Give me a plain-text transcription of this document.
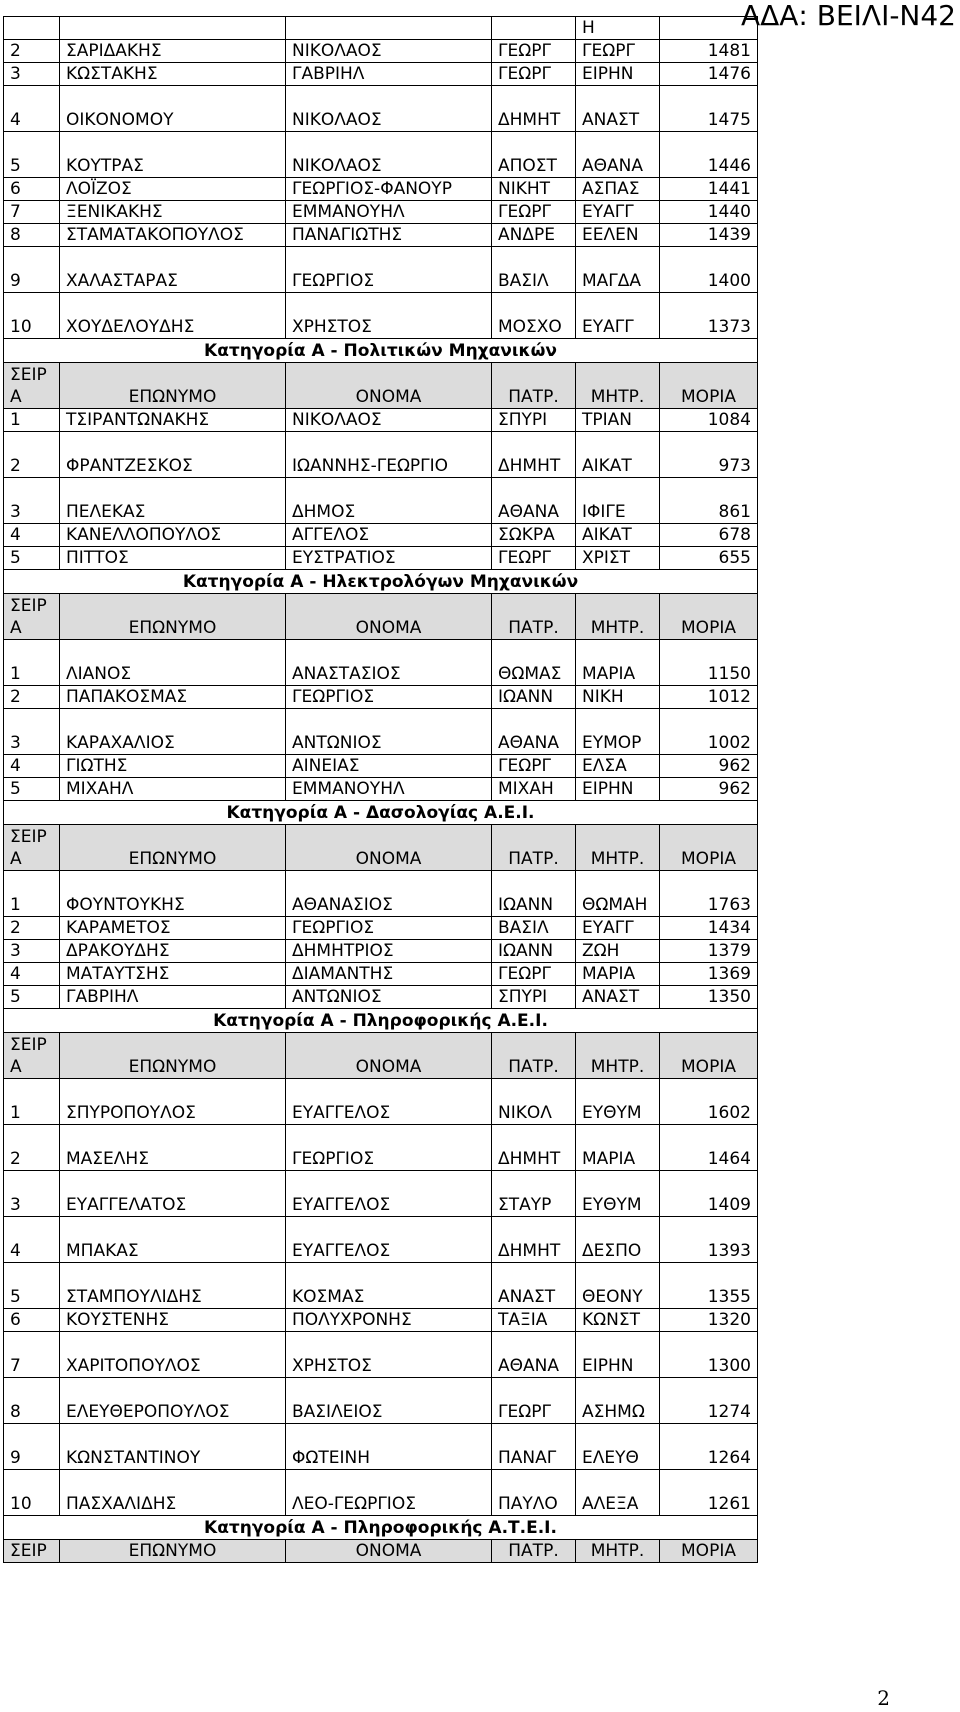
ΑΔΑ: ΒΕΙΛΙ-Ν42
				Η	
2	ΣΑΡΙΔΑΚΗΣ	ΝΙΚΟΛΑΟΣ	ΓΕΩΡΓ	ΓΕΩΡΓ	1481
3	ΚΩΣΤΑΚΗΣ	ΓΑΒΡΙΗΛ	ΓΕΩΡΓ	ΕΙΡΗΝ	1476
4	ΟΙΚΟΝΟΜΟΥ	ΝΙΚΟΛΑΟΣ	ΔΗΜΗΤ	ΑΝΑΣΤ	1475
5	ΚΟΥΤΡΑΣ	ΝΙΚΟΛΑΟΣ	ΑΠΟΣΤ	ΑΘΑΝΑ	1446
6	ΛΟΪΖΟΣ	ΓΕΩΡΓΙΟΣ-ΦΑΝΟΥΡ	ΝΙΚΗΤ	ΑΣΠΑΣ	1441
7	ΞΕΝΙΚΑΚΗΣ	ΕΜΜΑΝΟΥΗΛ	ΓΕΩΡΓ	ΕΥΑΓΓ	1440
8	ΣΤΑΜΑΤΑΚΟΠΟΥΛΟΣ	ΠΑΝΑΓΙΩΤΗΣ	ΑΝΔΡΕ	ΕΕΛΕΝ	1439
9	ΧΑΛΑΣΤΑΡΑΣ	ΓΕΩΡΓΙΟΣ	ΒΑΣΙΛ	ΜΑΓΔΑ	1400
10	ΧΟΥΔΕΛΟΥΔΗΣ	ΧΡΗΣΤΟΣ	ΜΟΣΧΟ	ΕΥΑΓΓ	1373
Κατηγορία Α - Πολιτικών Μηχανικών					
ΣΕΙΡΑ	ΕΠΩΝΥΜΟ	ΟΝΟΜΑ	ΠΑΤΡ.	ΜΗΤΡ.	ΜΟΡΙΑ
1	ΤΣΙΡΑΝΤΩΝΑΚΗΣ	ΝΙΚΟΛΑΟΣ	ΣΠΥΡΙ	ΤΡΙΑΝ	1084
2	ΦΡΑΝΤΖΕΣΚΟΣ	ΙΩΑΝΝΗΣ-ΓΕΩΡΓΙΟ	ΔΗΜΗΤ	ΑΙΚΑΤ	973
3	ΠΕΛΕΚΑΣ	ΔΗΜΟΣ	ΑΘΑΝΑ	ΙΦΙΓΕ	861
4	ΚΑΝΕΛΛΟΠΟΥΛΟΣ	ΑΓΓΕΛΟΣ	ΣΩΚΡΑ	ΑΙΚΑΤ	678
5	ΠΙΤΤΟΣ	ΕΥΣΤΡΑΤΙΟΣ	ΓΕΩΡΓ	ΧΡΙΣΤ	655
Κατηγορία Α - Ηλεκτρολόγων Μηχανικών					
ΣΕΙΡΑ	ΕΠΩΝΥΜΟ	ΟΝΟΜΑ	ΠΑΤΡ.	ΜΗΤΡ.	ΜΟΡΙΑ
1	ΛΙΑΝΟΣ	ΑΝΑΣΤΑΣΙΟΣ	ΘΩΜΑΣ	ΜΑΡΙΑ	1150
2	ΠΑΠΑΚΟΣΜΑΣ	ΓΕΩΡΓΙΟΣ	ΙΩΑΝΝ	ΝΙΚΗ	1012
3	ΚΑΡΑΧΑΛΙΟΣ	ΑΝΤΩΝΙΟΣ	ΑΘΑΝΑ	ΕΥΜΟΡ	1002
4	ΓΙΩΤΗΣ	ΑΙΝΕΙΑΣ	ΓΕΩΡΓ	ΕΛΣΑ	962
5	ΜΙΧΑΗΛ	ΕΜΜΑΝΟΥΗΛ	ΜΙΧΑΗ	ΕΙΡΗΝ	962
Κατηγορία Α - Δασολογίας Α.Ε.Ι.					
ΣΕΙΡΑ	ΕΠΩΝΥΜΟ	ΟΝΟΜΑ	ΠΑΤΡ.	ΜΗΤΡ.	ΜΟΡΙΑ
1	ΦΟΥΝΤΟΥΚΗΣ	ΑΘΑΝΑΣΙΟΣ	ΙΩΑΝΝ	ΘΩΜΑΗ	1763
2	ΚΑΡΑΜΕΤΟΣ	ΓΕΩΡΓΙΟΣ	ΒΑΣΙΛ	ΕΥΑΓΓ	1434
3	ΔΡΑΚΟΥΔΗΣ	ΔΗΜΗΤΡΙΟΣ	ΙΩΑΝΝ	ΖΩΗ	1379
4	ΜΑΤΑΥΤΣΗΣ	ΔΙΑΜΑΝΤΗΣ	ΓΕΩΡΓ	ΜΑΡΙΑ	1369
5	ΓΑΒΡΙΗΛ	ΑΝΤΩΝΙΟΣ	ΣΠΥΡΙ	ΑΝΑΣΤ	1350
Κατηγορία Α - Πληροφορικής Α.Ε.Ι.					
ΣΕΙΡΑ	ΕΠΩΝΥΜΟ	ΟΝΟΜΑ	ΠΑΤΡ.	ΜΗΤΡ.	ΜΟΡΙΑ
1	ΣΠΥΡΟΠΟΥΛΟΣ	ΕΥΑΓΓΕΛΟΣ	ΝΙΚΟΛ	ΕΥΘΥΜ	1602
2	ΜΑΣΕΛΗΣ	ΓΕΩΡΓΙΟΣ	ΔΗΜΗΤ	ΜΑΡΙΑ	1464
3	ΕΥΑΓΓΕΛΑΤΟΣ	ΕΥΑΓΓΕΛΟΣ	ΣΤΑΥΡ	ΕΥΘΥΜ	1409
4	ΜΠΑΚΑΣ	ΕΥΑΓΓΕΛΟΣ	ΔΗΜΗΤ	ΔΕΣΠΟ	1393
5	ΣΤΑΜΠΟΥΛΙΔΗΣ	ΚΟΣΜΑΣ	ΑΝΑΣΤ	ΘΕΟΝΥ	1355
6	ΚΟΥΣΤΕΝΗΣ	ΠΟΛΥΧΡΟΝΗΣ	ΤΑΞΙΑ	ΚΩΝΣΤ	1320
7	ΧΑΡΙΤΟΠΟΥΛΟΣ	ΧΡΗΣΤΟΣ	ΑΘΑΝΑ	ΕΙΡΗΝ	1300
8	ΕΛΕΥΘΕΡΟΠΟΥΛΟΣ	ΒΑΣΙΛΕΙΟΣ	ΓΕΩΡΓ	ΑΣΗΜΩ	1274
9	ΚΩΝΣΤΑΝΤΙΝΟΥ	ΦΩΤΕΙΝΗ	ΠΑΝΑΓ	ΕΛΕΥΘ	1264
10	ΠΑΣΧΑΛΙΔΗΣ	ΛΕΟ-ΓΕΩΡΓΙΟΣ	ΠΑΥΛΟ	ΑΛΕΞΑ	1261
Κατηγορία Α - Πληροφορικής Α.Τ.Ε.Ι.					
ΣΕΙΡ	ΕΠΩΝΥΜΟ	ΟΝΟΜΑ	ΠΑΤΡ.	ΜΗΤΡ.	ΜΟΡΙΑ
2
